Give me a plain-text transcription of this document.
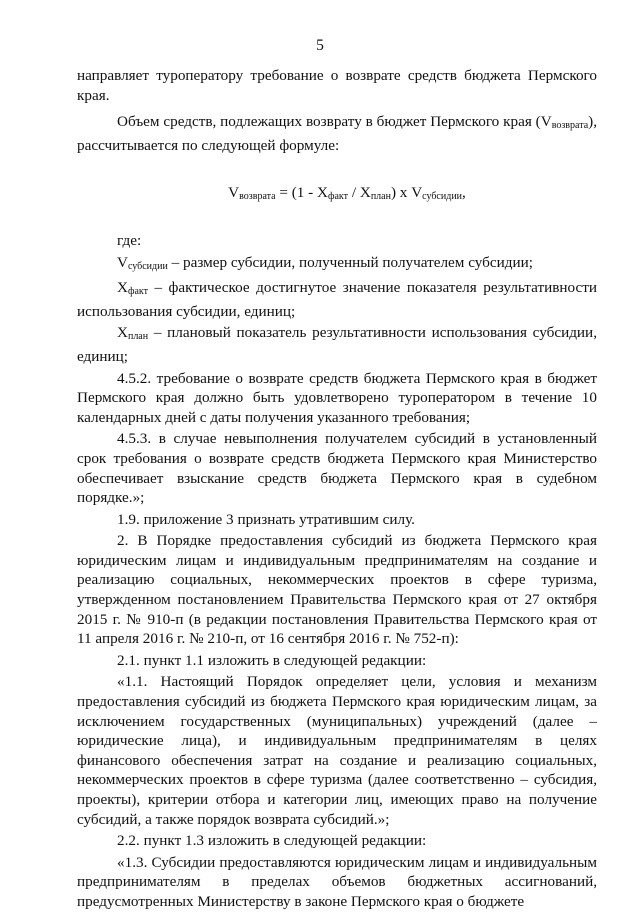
5

направляет туроператору требование о возврате средств бюджета Пермского края.

Объем средств, подлежащих возврату в бюджет Пермского края $(V_{возврата})$, рассчитывается по следующей формуле:

$V_{возврата} = (1 - X_{факт} / X_{план})$ х $V_{субсидии}$,

где:

$V_{субсидии}$ – размер субсидии, полученный получателем субсидии;

$X_{факт}$ – фактическое достигнутое значение показателя результативности использования субсидии, единиц;

$X_{план}$ – плановый показатель результативности использования субсидии, единиц;

4.5.2. требование о возврате средств бюджета Пермского края в бюджет Пермского края должно быть удовлетворено туроператором в течение 10 календарных дней с даты получения указанного требования;

4.5.3. в случае невыполнения получателем субсидий в установленный срок требования о возврате средств бюджета Пермского края Министерство обеспечивает взыскание средств бюджета Пермского края в судебном порядке.»;

1.9. приложение 3 признать утратившим силу.

2. В Порядке предоставления субсидий из бюджета Пермского края юридическим лицам и индивидуальным предпринимателям на создание и реализацию социальных, некоммерческих проектов в сфере туризма, утвержденном постановлением Правительства Пермского края от 27 октября 2015 г. № 910-п (в редакции постановления Правительства Пермского края от 11 апреля 2016 г. № 210-п, от 16 сентября 2016 г. № 752-п):

2.1. пункт 1.1 изложить в следующей редакции:

«1.1. Настоящий Порядок определяет цели, условия и механизм предоставления субсидий из бюджета Пермского края юридическим лицам, за исключением государственных (муниципальных) учреждений (далее – юридические лица), и индивидуальным предпринимателям в целях финансового обеспечения затрат на создание и реализацию социальных, некоммерческих проектов в сфере туризма (далее соответственно – субсидия, проекты), критерии отбора и категории лиц, имеющих право на получение субсидий, а также порядок возврата субсидий.»;

2.2. пункт 1.3 изложить в следующей редакции:

«1.3. Субсидии предоставляются юридическим лицам и индивидуальным предпринимателям в пределах объемов бюджетных ассигнований, предусмотренных Министерству в законе Пермского края о бюджете
